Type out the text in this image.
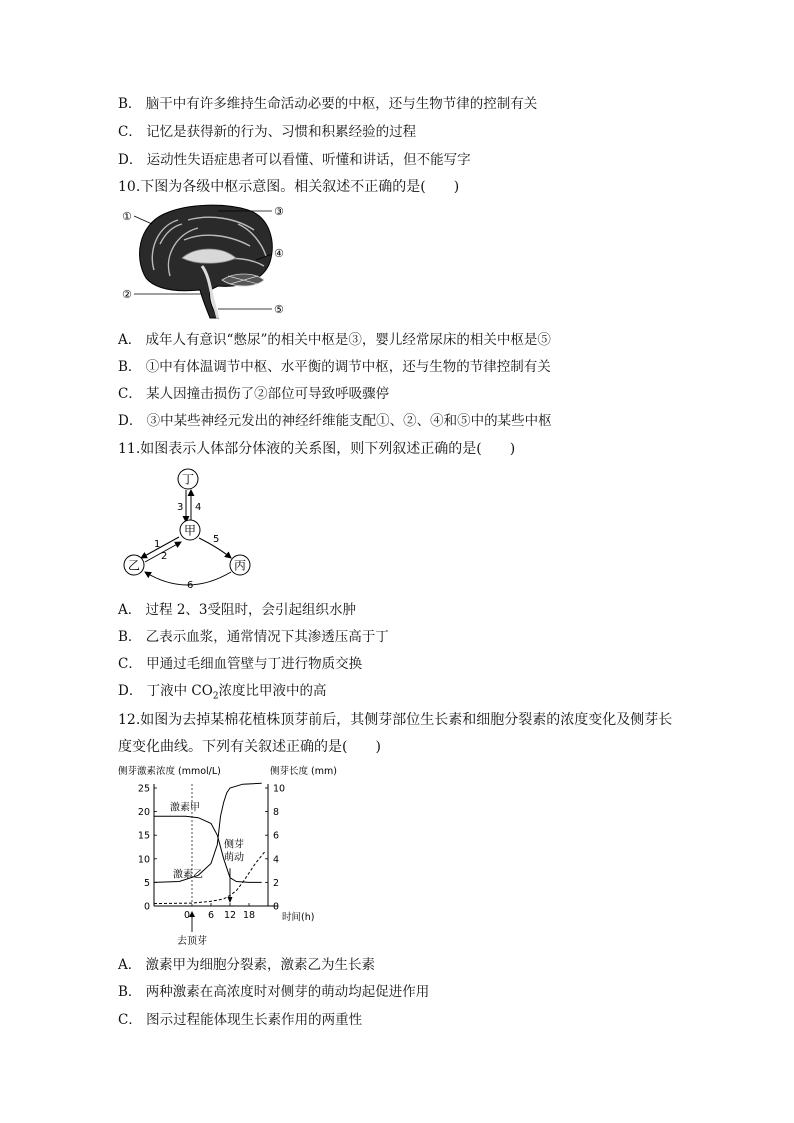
B． 脑干中有许多维持生命活动必要的中枢，还与生物节律的控制有关
C． 记忆是获得新的行为、习惯和积累经验的过程
D． 运动性失语症患者可以看懂、听懂和讲话，但不能写字
10.下图为各级中枢示意图。相关叙述不正确的是(　　)
①
②
③
④
⑤
A． 成年人有意识“憋尿”的相关中枢是③，婴儿经常尿床的相关中枢是⑤
B． ①中有体温调节中枢、水平衡的调节中枢，还与生物的节律控制有关
C． 某人因撞击损伤了②部位可导致呼吸骤停
D． ③中某些神经元发出的神经纤维能支配①、②、④和⑤中的某些中枢
11.如图表示人体部分体液的关系图，则下列叙述正确的是(　　)
丁
甲
乙	丙
3 4
1
2
5
6
A． 过程 2、3受阻时，会引起组织水肿
B． 乙表示血浆，通常情况下其渗透压高于丁
C． 甲通过毛细血管壁与丁进行物质交换
D． 丁液中 $CO_2$浓度比甲液中的高
12.如图为去掉某棉花植株顶芽前后，其侧芽部位生长素和细胞分裂素的浓度变化及侧芽长
度变化曲线。下列有关叙述正确的是(　　)
侧芽激素浓度 (mmol/L)	侧芽长度 (mm)
0
5
10
15
20
25
0
2
4
6
8
10
0 6 12 18	时间(h)
去顶芽
激素甲
激素乙
侧芽
萌动
A． 激素甲为细胞分裂素，激素乙为生长素
B． 两种激素在高浓度时对侧芽的萌动均起促进作用
C． 图示过程能体现生长素作用的两重性
